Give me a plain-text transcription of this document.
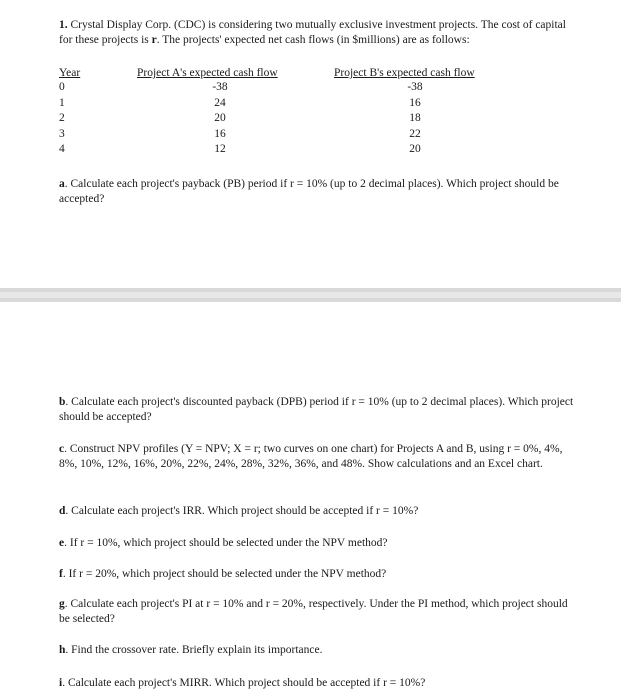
1. Crystal Display Corp. (CDC) is considering two mutually exclusive investment projects. The cost of capital for these projects is r. The projects' expected net cash flows (in $millions) are as follows:
Year
0
1
2
3
4
Project A's expected cash flow
-38
24
20
16
12
Project B's expected cash flow
-38
16
18
22
20
a. Calculate each project's payback (PB) period if r = 10% (up to 2 decimal places). Which project should be accepted?
b. Calculate each project's discounted payback (DPB) period if r = 10% (up to 2 decimal places). Which project should be accepted?
c. Construct NPV profiles (Y = NPV; X = r; two curves on one chart) for Projects A and B, using r = 0%, 4%, 8%, 10%, 12%, 16%, 20%, 22%, 24%, 28%, 32%, 36%, and 48%. Show calculations and an Excel chart.
d. Calculate each project's IRR. Which project should be accepted if r = 10%?
e. If r = 10%, which project should be selected under the NPV method?
f. If r = 20%, which project should be selected under the NPV method?
g. Calculate each project's PI at r = 10% and r = 20%, respectively. Under the PI method, which project should be selected?
h. Find the crossover rate. Briefly explain its importance.
i. Calculate each project's MIRR. Which project should be accepted if r = 10%?
